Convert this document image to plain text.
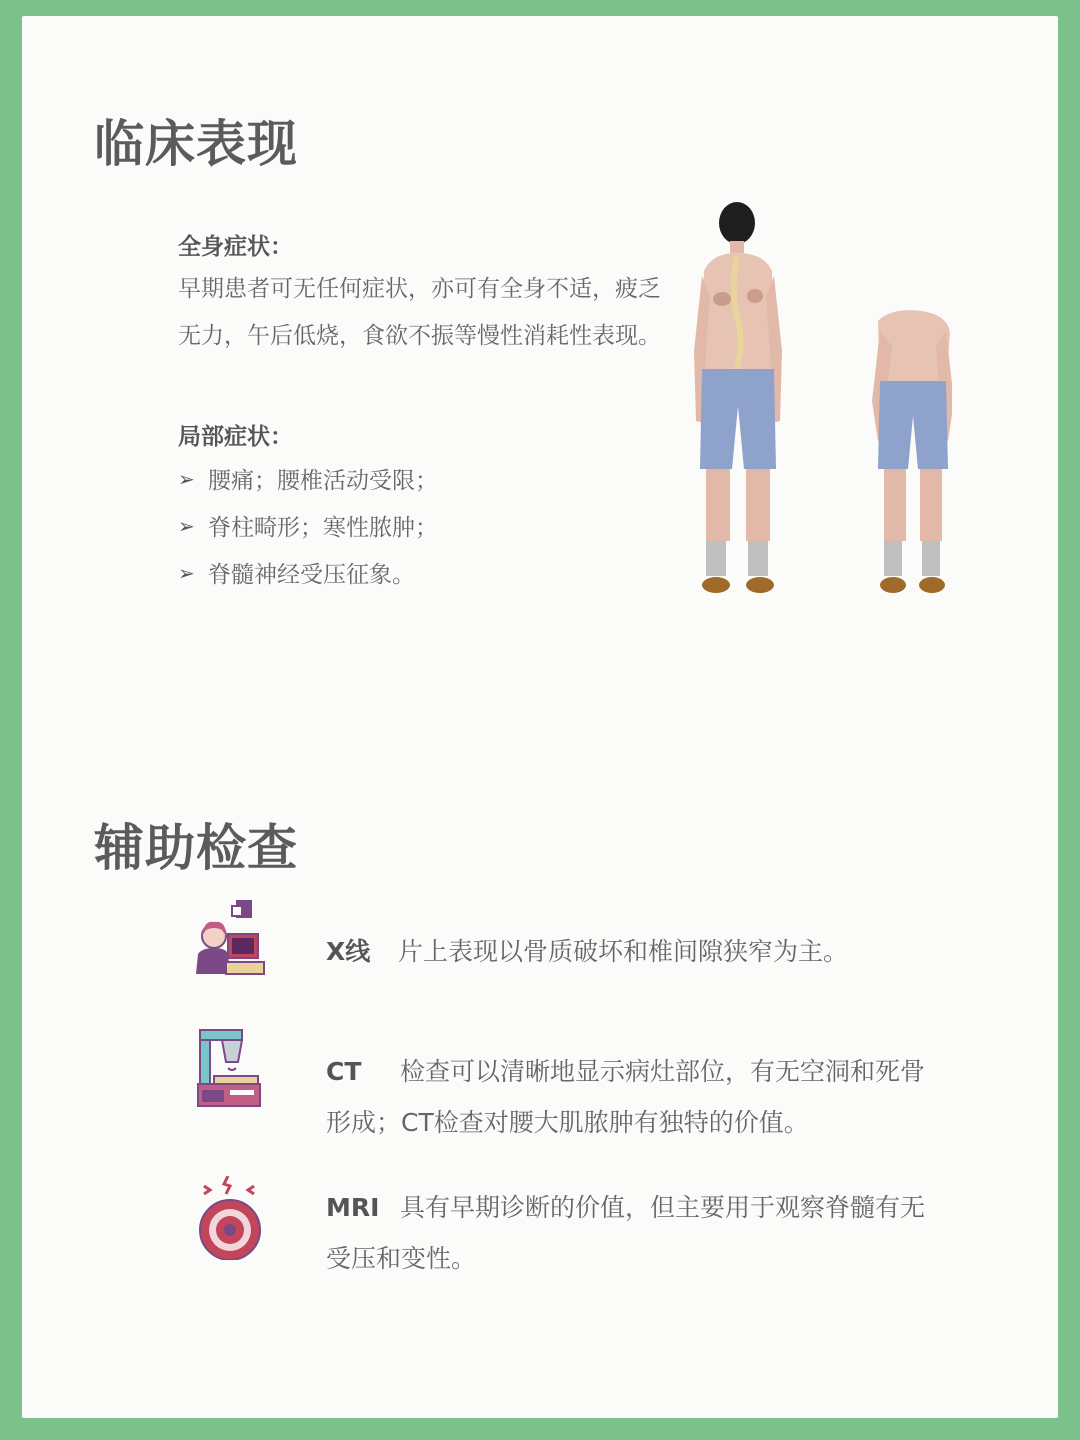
临床表现
全身症状：
早期患者可无任何症状，亦可有全身不适，疲乏无力，午后低烧，食欲不振等慢性消耗性表现。
局部症状：
➢ 腰痛；腰椎活动受限；
➢ 脊柱畸形；寒性脓肿；
➢ 脊髓神经受压征象。
辅助检查
X线 片上表现以骨质破坏和椎间隙狭窄为主。
CT 检查可以清晰地显示病灶部位，有无空洞和死骨形成；CT检查对腰大肌脓肿有独特的价值。
MRI 具有早期诊断的价值，但主要用于观察脊髓有无受压和变性。
